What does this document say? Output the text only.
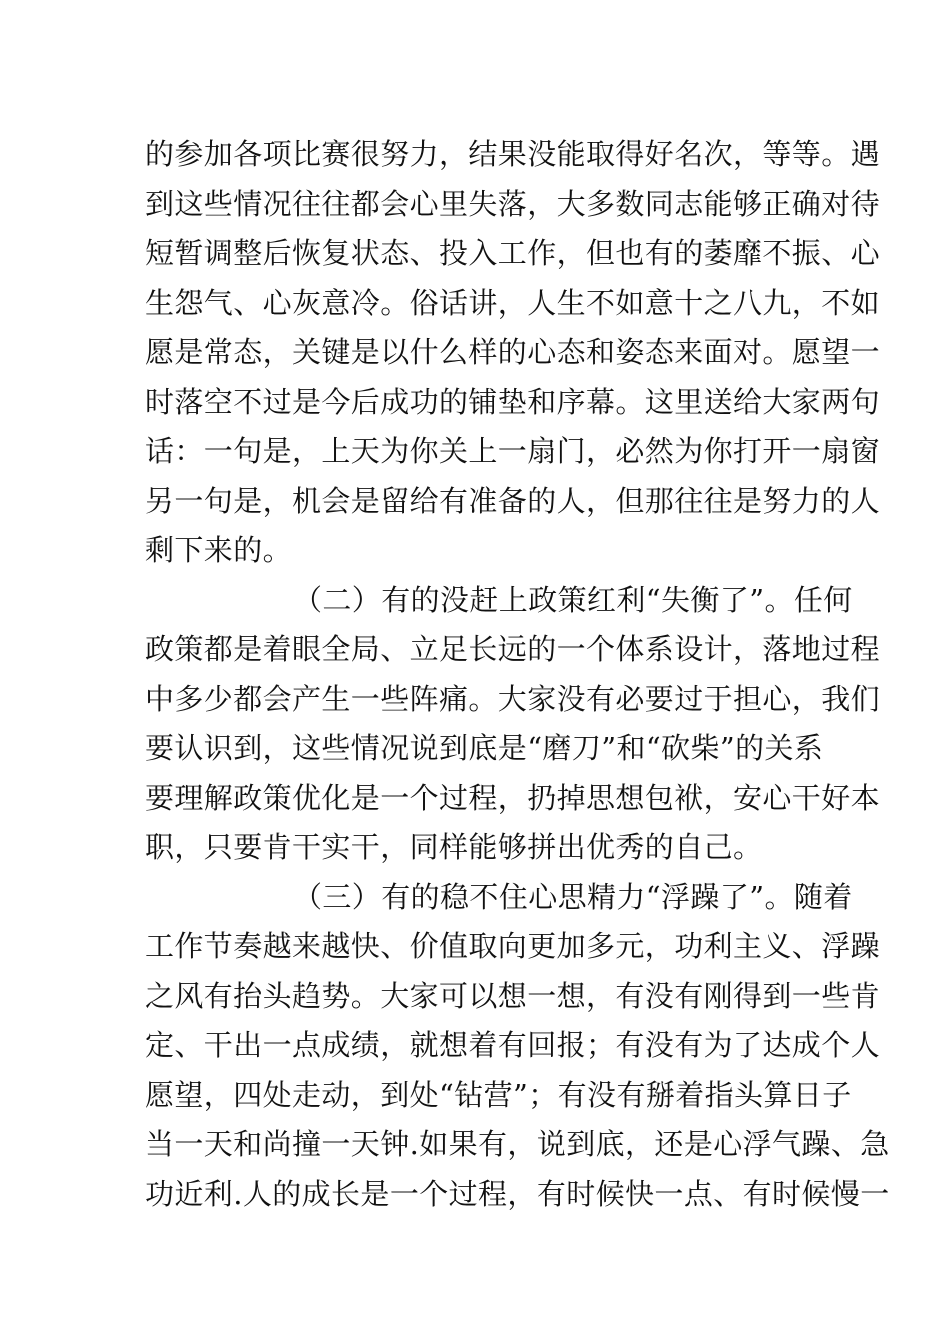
的参加各项比赛很努力，结果没能取得好名次，等等。遇
到这些情况往往都会心里失落，大多数同志能够正确对待
短暂调整后恢复状态、投入工作，但也有的萎靡不振、心
生怨气、心灰意冷。俗话讲，人生不如意十之八九，不如
愿是常态，关键是以什么样的心态和姿态来面对。愿望一
时落空不过是今后成功的铺垫和序幕。这里送给大家两句
话：一句是，上天为你关上一扇门，必然为你打开一扇窗
另一句是，机会是留给有准备的人，但那往往是努力的人
剩下来的。
（二）有的没赶上政策红利“失衡了”。任何
政策都是着眼全局、立足长远的一个体系设计，落地过程
中多少都会产生一些阵痛。大家没有必要过于担心，我们
要认识到，这些情况说到底是“磨刀”和“砍柴”的关系
要理解政策优化是一个过程，扔掉思想包袱，安心干好本
职，只要肯干实干，同样能够拼出优秀的自己。
（三）有的稳不住心思精力“浮躁了”。随着
工作节奏越来越快、价值取向更加多元，功利主义、浮躁
之风有抬头趋势。大家可以想一想，有没有刚得到一些肯
定、干出一点成绩，就想着有回报；有没有为了达成个人
愿望，四处走动，到处“钻营”；有没有掰着指头算日子
当一天和尚撞一天钟.如果有，说到底，还是心浮气躁、急
功近利.人的成长是一个过程，有时候快一点、有时候慢一
